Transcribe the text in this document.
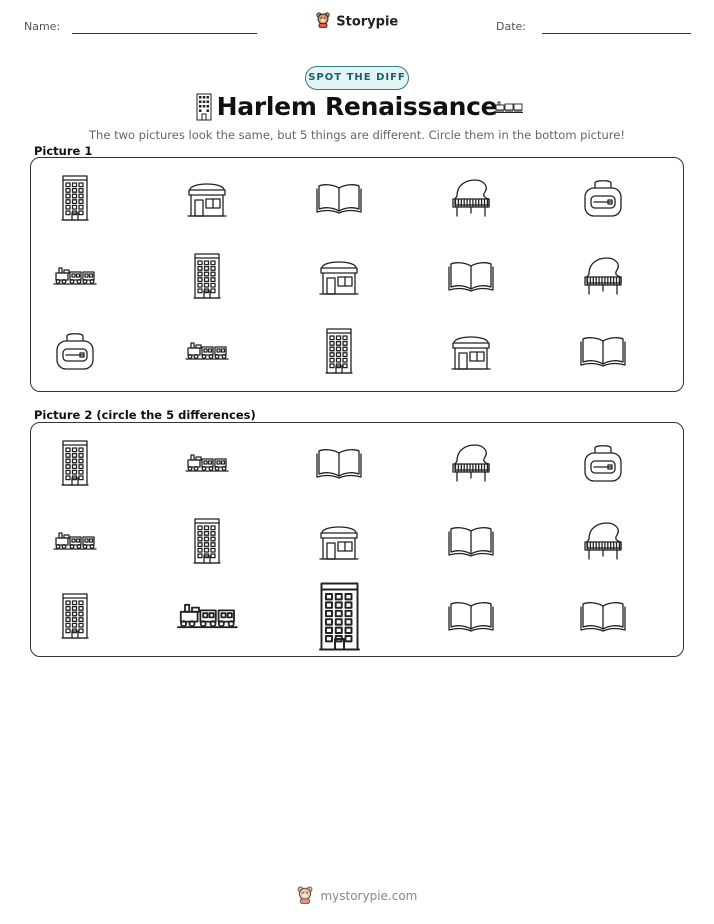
Name:	Storypie	Date:
SPOT THE DIFF
Harlem Renaissance
The two pictures look the same, but 5 things are different. Circle them in the bottom picture!
Picture 1
Picture 2 (circle the 5 differences)
mystorypie.com
